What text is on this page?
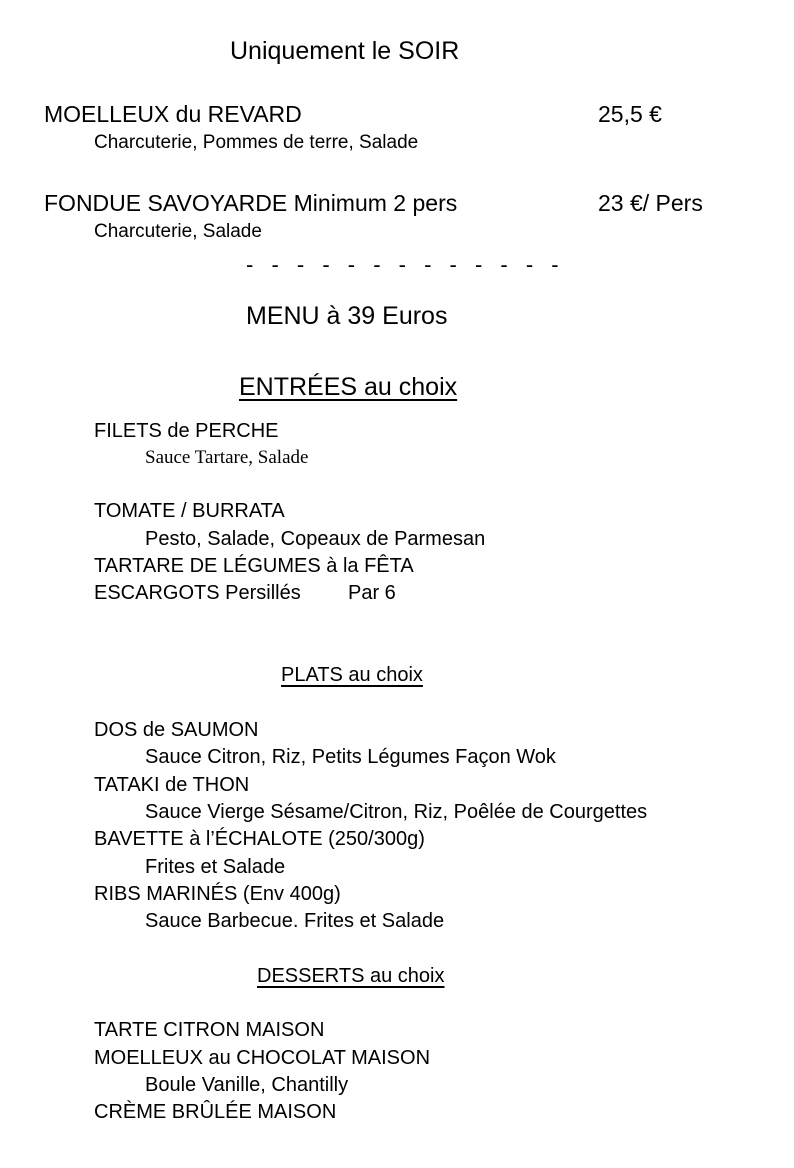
Uniquement le SOIR
MOELLEUX du REVARD	25,5 €
Charcuterie, Pommes de terre, Salade
FONDUE SAVOYARDE Minimum 2 pers	23 €/ Pers
Charcuterie, Salade
- - - - - - - - - - - - -
MENU à 39 Euros
ENTRÉES au choix
FILETS de PERCHE
Sauce Tartare, Salade
TOMATE / BURRATA
Pesto, Salade, Copeaux de Parmesan
TARTARE DE LÉGUMES à la FÊTA
ESCARGOTS Persillés Par 6
PLATS au choix
DOS de SAUMON
Sauce Citron, Riz, Petits Légumes Façon Wok
TATAKI de THON
Sauce Vierge Sésame/Citron, Riz, Poêlée de Courgettes
BAVETTE à l’ÉCHALOTE (250/300g)
Frites et Salade
RIBS MARINÉS (Env 400g)
Sauce Barbecue. Frites et Salade
DESSERTS au choix
TARTE CITRON MAISON
MOELLEUX au CHOCOLAT MAISON
Boule Vanille, Chantilly
CRÈME BRÛLÉE MAISON
